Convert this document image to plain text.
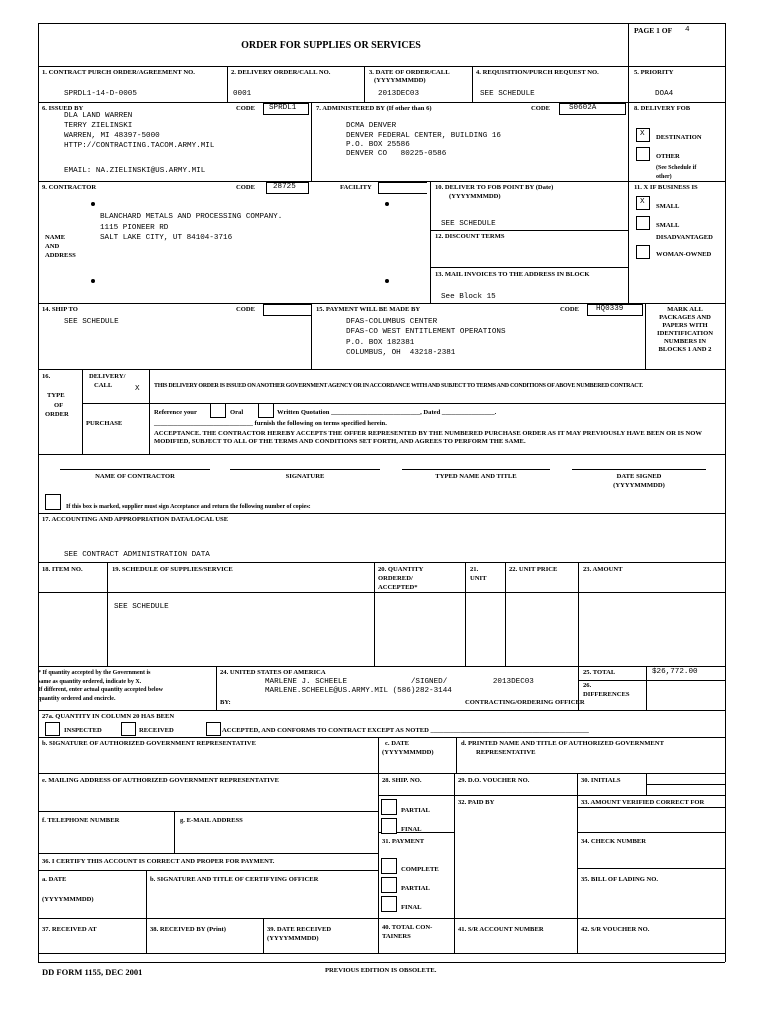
PAGE 1 OF 4
ORDER FOR SUPPLIES OR SERVICES
1. CONTRACT PURCH ORDER/AGREEMENT NO.
SPRDL1-14-D-0005
2. DELIVERY ORDER/CALL NO.
0001
3. DATE OF ORDER/CALL
(YYYYMMMDD)
2013DEC03
4. REQUISITION/PURCH REQUEST NO.
SEE SCHEDULE
5. PRIORITY
DOA4
6. ISSUED BY	CODE SPRDL1
DLA LAND WARREN
TERRY ZIELINSKI
WARREN, MI 48397-5000
HTTP://CONTRACTING.TACOM.ARMY.MIL
EMAIL: NA.ZIELINSKI@US.ARMY.MIL
7. ADMINISTERED BY (If other than 6)	CODE S0602A
DCMA DENVER
DENVER FEDERAL CENTER, BUILDING 16
P.O. BOX 25586
DENVER CO   80225-0586
8. DELIVERY FOB
X DESTINATION
OTHER
(See Schedule if
other)
9. CONTRACTOR	CODE 28725	FACILITY
BLANCHARD METALS AND PROCESSING COMPANY.
1115 PIONEER RD
SALT LAKE CITY, UT 84104-3716
NAME
AND
ADDRESS
10. DELIVER TO FOB POINT BY (Date)
(YYYYMMMDD)
SEE SCHEDULE
12. DISCOUNT TERMS
13. MAIL INVOICES TO THE ADDRESS IN BLOCK
See Block 15
11. X IF BUSINESS IS
X
SMALL
SMALL
DISADVANTAGED
WOMAN-OWNED
14. SHIP TO	CODE
SEE SCHEDULE
15. PAYMENT WILL BE MADE BY	CODE HQ0339
DFAS-COLUMBUS CENTER
DFAS-CO WEST ENTITLEMENT OPERATIONS
P.O. BOX 182381
COLUMBUS, OH  43218-2381
MARK ALL
PACKAGES AND
PAPERS WITH
IDENTIFICATION
NUMBERS IN
BLOCKS 1 AND 2
16.
TYPE
OF
ORDER
DELIVERY/
CALL	X THIS DELIVERY ORDER IS ISSUED ON ANOTHER GOVERNMENT AGENCY OR IN ACCORDANCE WITH AND SUBJECT TO TERMS AND CONDITIONS OF ABOVE NUMBERED CONTRACT.
PURCHASE
Reference your	Oral	Written Quotation ___________________________, Dated ________________.
______________________________ furnish the following on terms specified herein.
ACCEPTANCE. THE CONTRACTOR HEREBY ACCEPTS THE OFFER REPRESENTED BY THE NUMBERED PURCHASE ORDER AS IT MAY PREVIOUSLY HAVE BEEN OR IS NOW MODIFIED, SUBJECT TO ALL OF THE TERMS AND CONDITIONS SET FORTH, AND AGREES TO PERFORM THE SAME.
NAME OF CONTRACTOR	SIGNATURE	TYPED NAME AND TITLE	DATE SIGNED
(YYYYMMMDD)
If this box is marked, supplier must sign Acceptance and return the following number of copies:
17. ACCOUNTING AND APPROPRIATION DATA/LOCAL USE
SEE CONTRACT ADMINISTRATION DATA
18. ITEM NO.	19. SCHEDULE OF SUPPLIES/SERVICE	20. QUANTITY
ORDERED/
ACCEPTED*
21.
UNIT
22. UNIT PRICE	23. AMOUNT
SEE SCHEDULE
* If quantity accepted by the Government is
same as quantity ordered, indicate by X.
If different, enter actual quantity accepted below
quantity ordered and encircle.
24. UNITED STATES OF AMERICA
MARLENE J. SCHEELE              /SIGNED/          2013DEC03
MARLENE.SCHEELE@US.ARMY.MIL (586)282-3144
BY:	CONTRACTING/ORDERING OFFICER
25. TOTAL	$26,772.00
26.
DIFFERENCES
27a. QUANTITY IN COLUMN 20 HAS BEEN
INSPECTED	RECEIVED	ACCEPTED, AND CONFORMS TO CONTRACT EXCEPT AS NOTED ________________________________________________
b. SIGNATURE OF AUTHORIZED GOVERNMENT REPRESENTATIVE	c. DATE
(YYYYMMMDD)
d. PRINTED NAME AND TITLE OF AUTHORIZED GOVERNMENT
REPRESENTATIVE
e. MAILING ADDRESS OF AUTHORIZED GOVERNMENT REPRESENTATIVE	28. SHIP. NO.	29. D.O. VOUCHER NO.	30. INITIALS
PARTIAL
FINAL
32. PAID BY	33. AMOUNT VERIFIED CORRECT FOR
f. TELEPHONE NUMBER	g. E-MAIL ADDRESS
31. PAYMENT	34. CHECK NUMBER
COMPLETE
PARTIAL
FINAL
36. I CERTIFY THIS ACCOUNT IS CORRECT AND PROPER FOR PAYMENT.
a. DATE
(YYYYMMMDD)
b. SIGNATURE AND TITLE OF CERTIFYING OFFICER	35. BILL OF LADING NO.
37. RECEIVED AT	38. RECEIVED BY (Print)	39. DATE RECEIVED
(YYYYMMMDD)
40. TOTAL CON-
TAINERS
41. S/R ACCOUNT NUMBER	42. S/R VOUCHER NO.
DD FORM 1155, DEC 2001	PREVIOUS EDITION IS OBSOLETE.
